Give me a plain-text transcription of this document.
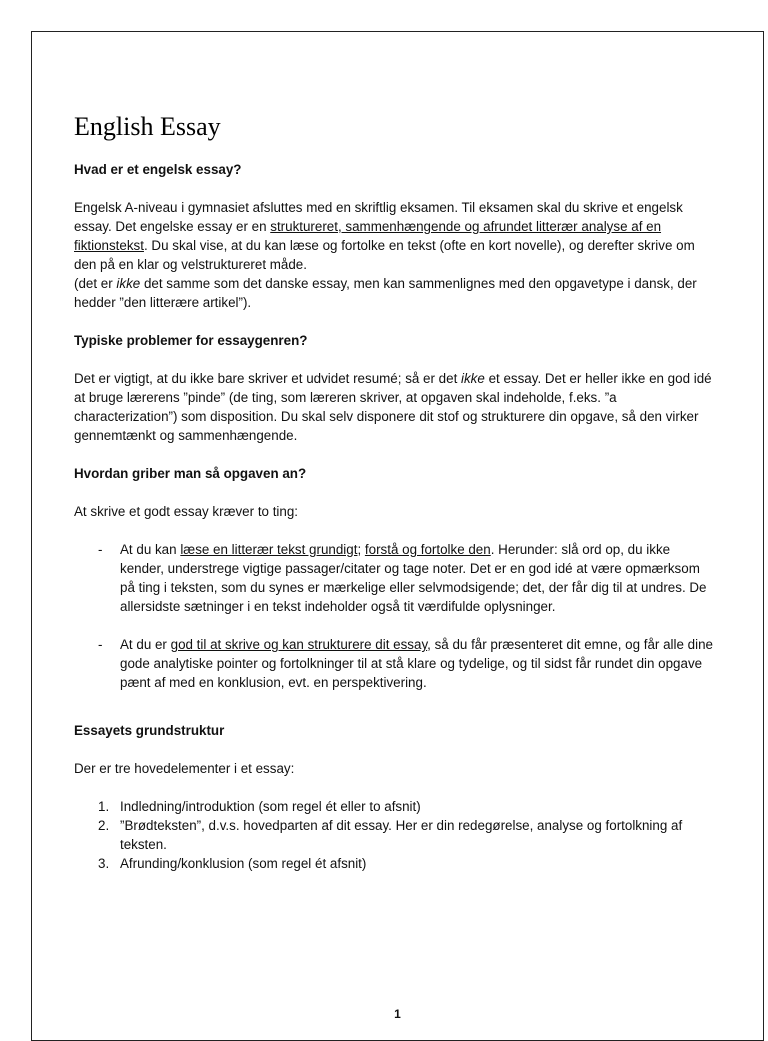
English Essay

Hvad er et engelsk essay?

Engelsk A-niveau i gymnasiet afsluttes med en skriftlig eksamen. Til eksamen skal du skrive et engelsk essay. Det engelske essay er en struktureret, sammenhængende og afrundet litterær analyse af en fiktionstekst. Du skal vise, at du kan læse og fortolke en tekst (ofte en kort novelle), og derefter skrive om den på en klar og velstruktureret måde.

(det er ikke det samme som det danske essay, men kan sammenlignes med den opgavetype i dansk, der hedder ”den litterære artikel”).

Typiske problemer for essaygenren?

Det er vigtigt, at du ikke bare skriver et udvidet resumé; så er det ikke et essay. Det er heller ikke en god idé at bruge lærerens ”pinde” (de ting, som læreren skriver, at opgaven skal indeholde, f.eks. ”a characterization”) som disposition. Du skal selv disponere dit stof og strukturere din opgave, så den virker gennemtænkt og sammenhængende.

Hvordan griber man så opgaven an?

At skrive et godt essay kræver to ting:

- At du kan læse en litterær tekst grundigt; forstå og fortolke den. Herunder: slå ord op, du ikke kender, understrege vigtige passager/citater og tage noter. Det er en god idé at være opmærksom på ting i teksten, som du synes er mærkelige eller selvmodsigende; det, der får dig til at undres. De allersidste sætninger i en tekst indeholder også tit værdifulde oplysninger.
- At du er god til at skrive og kan strukturere dit essay, så du får præsenteret dit emne, og får alle dine gode analytiske pointer og fortolkninger til at stå klare og tydelige, og til sidst får rundet din opgave pænt af med en konklusion, evt. en perspektivering.

Essayets grundstruktur

Der er tre hovedelementer i et essay:

1. Indledning/introduktion (som regel ét eller to afsnit)
2. ”Brødteksten”, d.v.s. hovedparten af dit essay. Her er din redegørelse, analyse og fortolkning af teksten.
3. Afrunding/konklusion (som regel ét afsnit)
1
